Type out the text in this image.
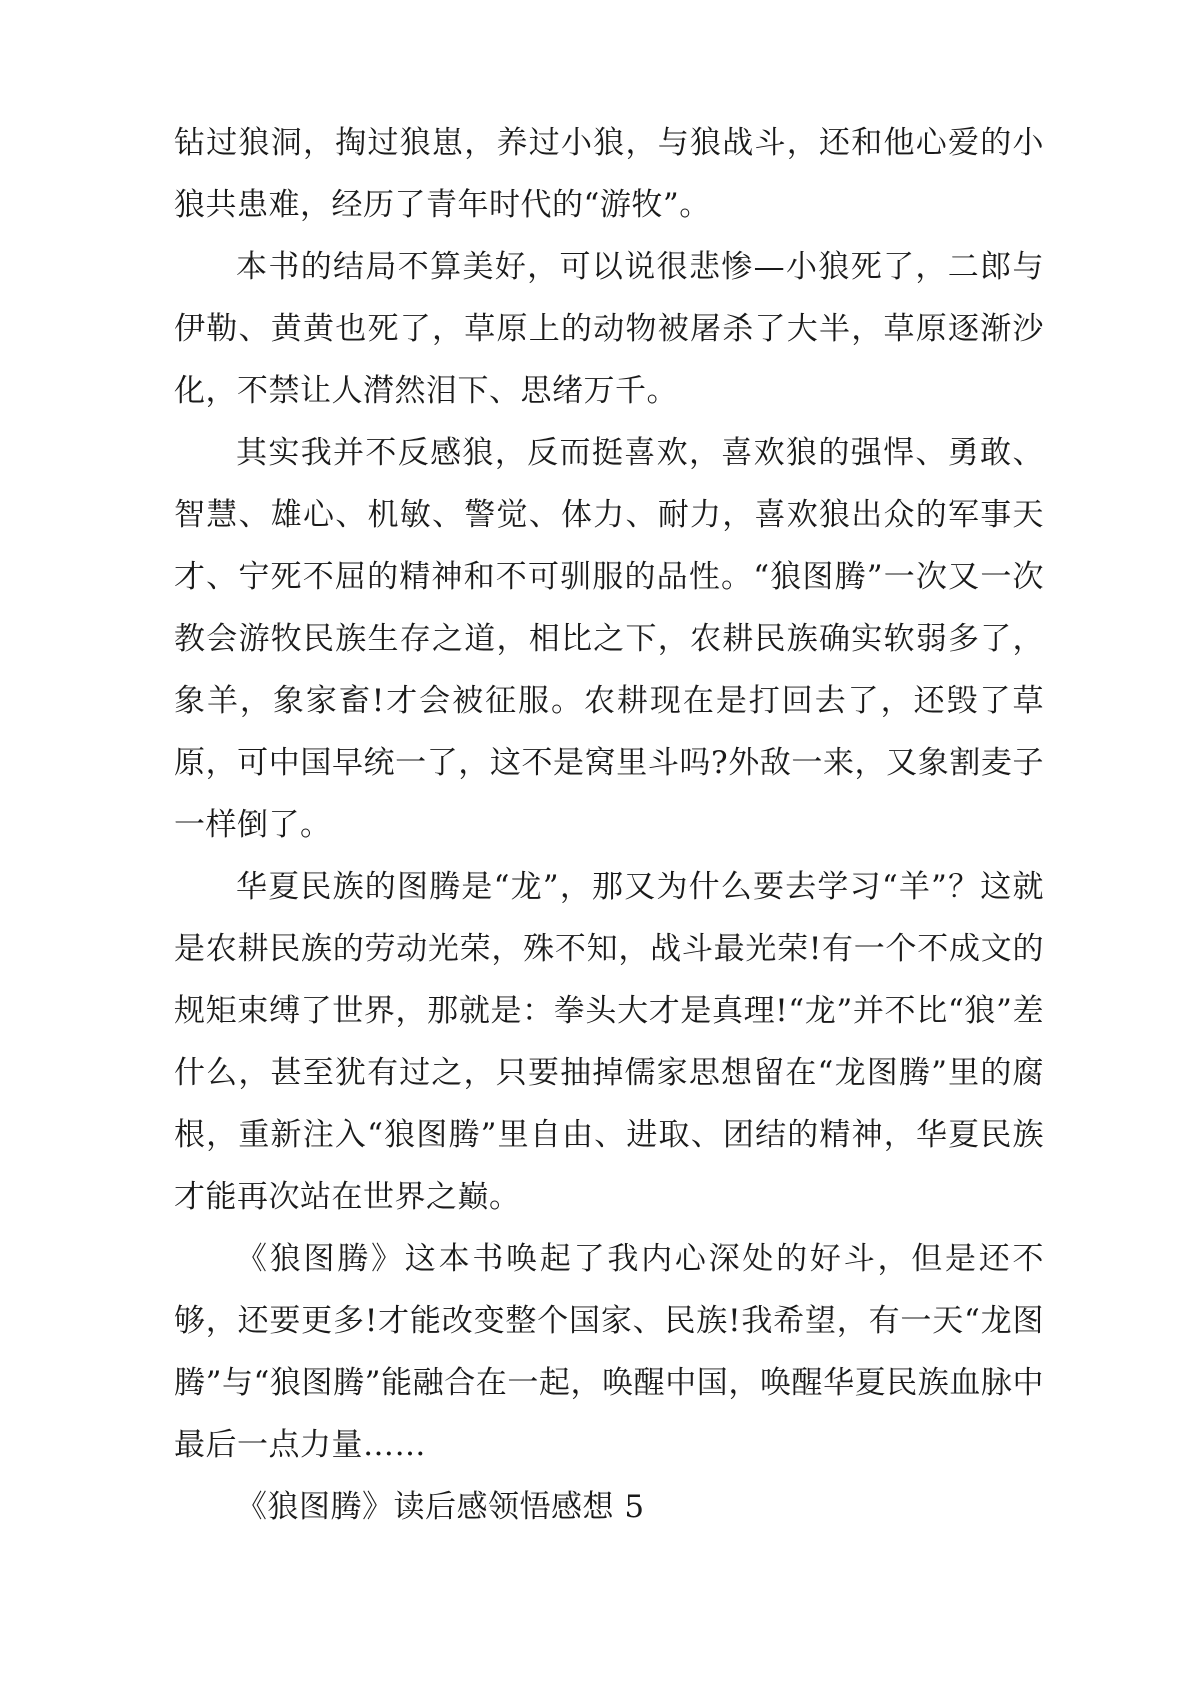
钻过狼洞，掏过狼崽，养过小狼，与狼战斗，还和他心爱的小狼共患难，经历了青年时代的“游牧”。

本书的结局不算美好，可以说很悲惨—小狼死了，二郎与伊勒、黄黄也死了，草原上的动物被屠杀了大半，草原逐渐沙化，不禁让人潸然泪下、思绪万千。

其实我并不反感狼，反而挺喜欢，喜欢狼的强悍、勇敢、智慧、雄心、机敏、警觉、体力、耐力，喜欢狼出众的军事天才、宁死不屈的精神和不可驯服的品性。“狼图腾”一次又一次教会游牧民族生存之道，相比之下，农耕民族确实软弱多了，象羊，象家畜!才会被征服。农耕现在是打回去了，还毁了草原，可中国早统一了，这不是窝里斗吗?外敌一来，又象割麦子一样倒了。

华夏民族的图腾是“龙”，那又为什么要去学习“羊”？这就是农耕民族的劳动光荣，殊不知，战斗最光荣!有一个不成文的规矩束缚了世界，那就是：拳头大才是真理!“龙”并不比“狼”差什么，甚至犹有过之，只要抽掉儒家思想留在“龙图腾”里的腐根，重新注入“狼图腾”里自由、进取、团结的精神，华夏民族才能再次站在世界之巅。

《狼图腾》这本书唤起了我内心深处的好斗，但是还不够，还要更多!才能改变整个国家、民族!我希望，有一天“龙图腾”与“狼图腾”能融合在一起，唤醒中国，唤醒华夏民族血脉中最后一点力量……

《狼图腾》读后感领悟感想 5
